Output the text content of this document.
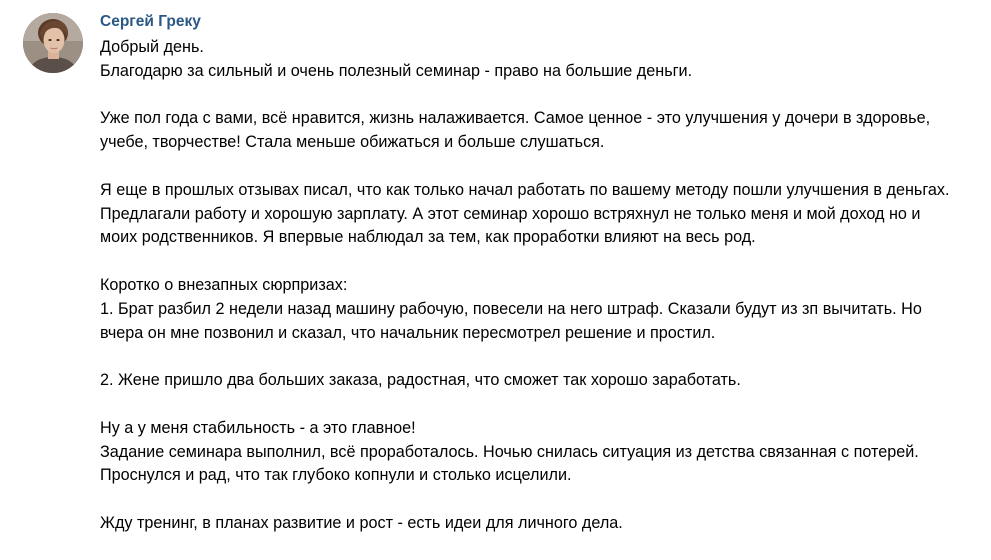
Сергей Греку
Добрый день.
Благодарю за сильный и очень полезный семинар - право на большие деньги.
Уже пол года с вами, всё нравится, жизнь налаживается. Самое ценное - это улучшения у дочери в здоровье,
учебе, творчестве! Стала меньше обижаться и больше слушаться.
Я еще в прошлых отзывах писал, что как только начал работать по вашему методу пошли улучшения в деньгах.
Предлагали работу и хорошую зарплату. А этот семинар хорошо встряхнул не только меня и мой доход но и
моих родственников. Я впервые наблюдал за тем, как проработки влияют на весь род.
Коротко о внезапных сюрпризах:
1. Брат разбил 2 недели назад машину рабочую, повесели на него штраф. Сказали будут из зп вычитать. Но
вчера он мне позвонил и сказал, что начальник пересмотрел решение и простил.
2. Жене пришло два больших заказа, радостная, что сможет так хорошо заработать.
Ну а у меня стабильность - а это главное!
Задание семинара выполнил, всё проработалось. Ночью снилась ситуация из детства связанная с потерей.
Проснулся и рад, что так глубоко копнули и столько исцелили.
Жду тренинг, в планах развитие и рост - есть идеи для личного дела.
